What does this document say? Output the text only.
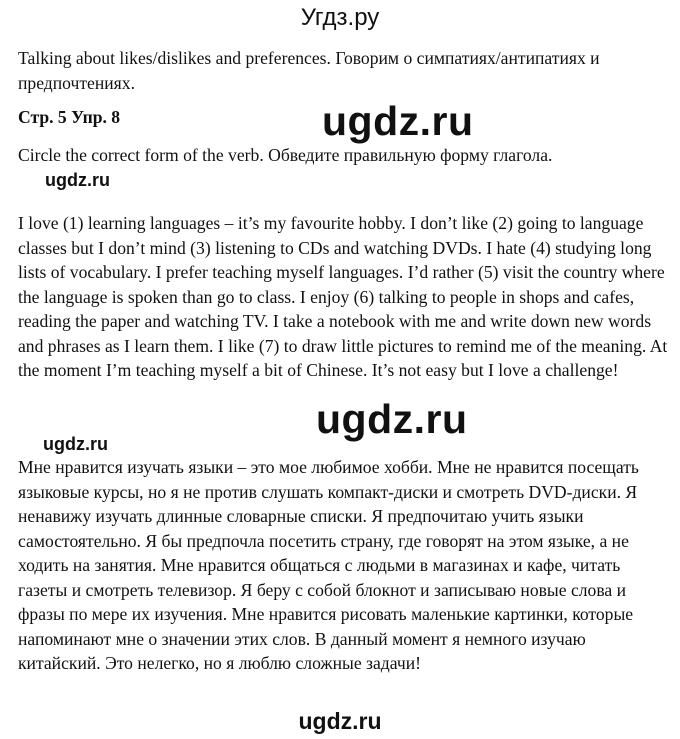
Угдз.ру

Talking about likes/dislikes and preferences. Говорим о симпатиях/антипатиях и предпочтениях.

Стр. 5 Упр. 8	ugdz.ru

Circle the correct form of the verb. Обведите правильную форму глагола.

ugdz.ru

I love (1) learning languages – it’s my favourite hobby. I don’t like (2) going to language classes but I don’t mind (3) listening to CDs and watching DVDs. I hate (4) studying long lists of vocabulary. I prefer teaching myself languages. I’d rather (5) visit the country where the language is spoken than go to class. I enjoy (6) talking to people in shops and cafes, reading the paper and watching TV. I take a notebook with me and write down new words and phrases as I learn them. I like (7) to draw little pictures to remind me of the meaning. At the moment I’m teaching myself a bit of Chinese. It’s not easy but I love a challenge!

ugdz.ru
ugdz.ru

Мне нравится изучать языки – это мое любимое хобби. Мне не нравится посещать языковые курсы, но я не против слушать компакт-диски и смотреть DVD-диски. Я ненавижу изучать длинные словарные списки. Я предпочитаю учить языки самостоятельно. Я бы предпочла посетить страну, где говорят на этом языке, а не ходить на занятия. Мне нравится общаться с людьми в магазинах и кафе, читать газеты и смотреть телевизор. Я беру с собой блокнот и записываю новые слова и фразы по мере их изучения. Мне нравится рисовать маленькие картинки, которые напоминают мне о значении этих слов. В данный момент я немного изучаю китайский. Это нелегко, но я люблю сложные задачи!

ugdz.ru
